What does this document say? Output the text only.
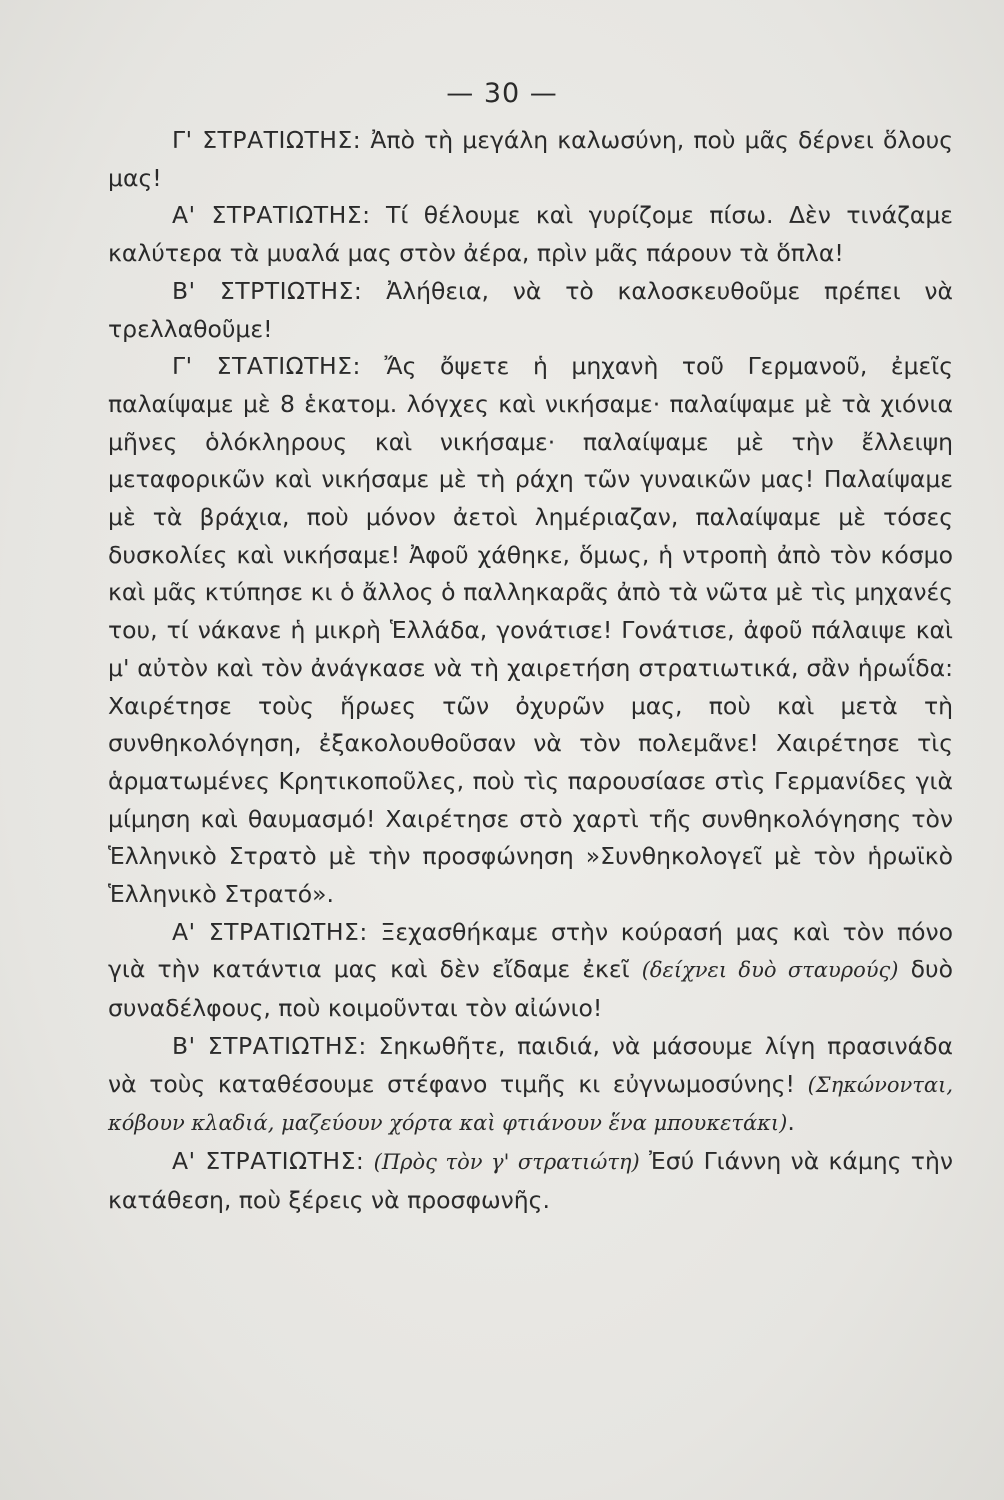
— 30 —

Γ' ΣΤΡΑΤΙΩΤΗΣ: Ἀπὸ τὴ μεγάλη καλωσύνη, ποὺ μᾶς δέρνει ὅλους μας!

Α' ΣΤΡΑΤΙΩΤΗΣ: Τί θέλουμε καὶ γυρίζομε πίσω. Δὲν τινάζαμε καλύτερα τὰ μυαλά μας στὸν ἀέρα, πρὶν μᾶς πάρουν τὰ ὅπλα!

Β' ΣΤΡΤΙΩΤΗΣ: Ἀλήθεια, νὰ τὸ καλοσκευθοῦμε πρέπει νὰ τρελλαθοῦμε!

Γ' ΣΤΑΤΙΩΤΗΣ: Ἄς ὄψετε ἡ μηχανὴ τοῦ Γερμανοῦ, ἐμεῖς παλαίψαμε μὲ 8 ἑκατομ. λόγχες καὶ νικήσαμε· παλαίψαμε μὲ τὰ χιόνια μῆνες ὁλόκληρους καὶ νικήσαμε· παλαίψαμε μὲ τὴν ἔλλειψη μεταφορικῶν καὶ νικήσαμε μὲ τὴ ράχη τῶν γυναικῶν μας! Παλαίψαμε μὲ τὰ βράχια, ποὺ μόνον ἀετοὶ λημέριαζαν, παλαίψαμε μὲ τόσες δυσκολίες καὶ νικήσαμε! Ἀφοῦ χάθηκε, ὅμως, ἡ ντροπὴ ἀπὸ τὸν κόσμο καὶ μᾶς κτύπησε κι ὁ ἄλλος ὁ παλληκαρᾶς ἀπὸ τὰ νῶτα μὲ τὶς μηχανές του, τί νάκανε ἡ μικρὴ Ἑλλάδα, γονάτισε! Γονάτισε, ἀφοῦ πάλαιψε καὶ μ' αὐτὸν καὶ τὸν ἀνάγκασε νὰ τὴ χαιρετήση στρατιωτικά, σἂν ἡρωΐδα: Χαιρέτησε τοὺς ἥρωες τῶν ὀχυρῶν μας, ποὺ καὶ μετὰ τὴ συνθηκολόγηση, ἐξακολουθοῦσαν νὰ τὸν πολεμᾶνε! Χαιρέτησε τὶς ἁρματωμένες Κρητικοποῦλες, ποὺ τὶς παρουσίασε στὶς Γερμανίδες γιὰ μίμηση καὶ θαυμασμό! Χαιρέτησε στὸ χαρτὶ τῆς συνθηκολόγησης τὸν Ἑλληνικὸ Στρατὸ μὲ τὴν προσφώνηση »Συνθηκολογεῖ μὲ τὸν ἡρωϊκὸ Ἑλληνικὸ Στρατό».

Α' ΣΤΡΑΤΙΩΤΗΣ: Ξεχασθήκαμε στὴν κούρασή μας καὶ τὸν πόνο γιὰ τὴν κατάντια μας καὶ δὲν εἴδαμε ἐκεῖ (δείχνει δυὸ σταυρούς) δυὸ συναδέλφους, ποὺ κοιμοῦνται τὸν αἰώνιο!

Β' ΣΤΡΑΤΙΩΤΗΣ: Σηκωθῆτε, παιδιά, νὰ μάσουμε λίγη πρασινάδα νὰ τοὺς καταθέσουμε στέφανο τιμῆς κι εὐγνωμοσύνης! (Σηκώνονται, κόβουν κλαδιά, μαζεύουν χόρτα καὶ φτιάνουν ἕνα μπουκετάκι).

Α' ΣΤΡΑΤΙΩΤΗΣ: (Πρὸς τὸν γ' στρατιώτη) Ἐσύ Γιάννη νὰ κάμης τὴν κατάθεση, ποὺ ξέρεις νὰ προσφωνῆς.
